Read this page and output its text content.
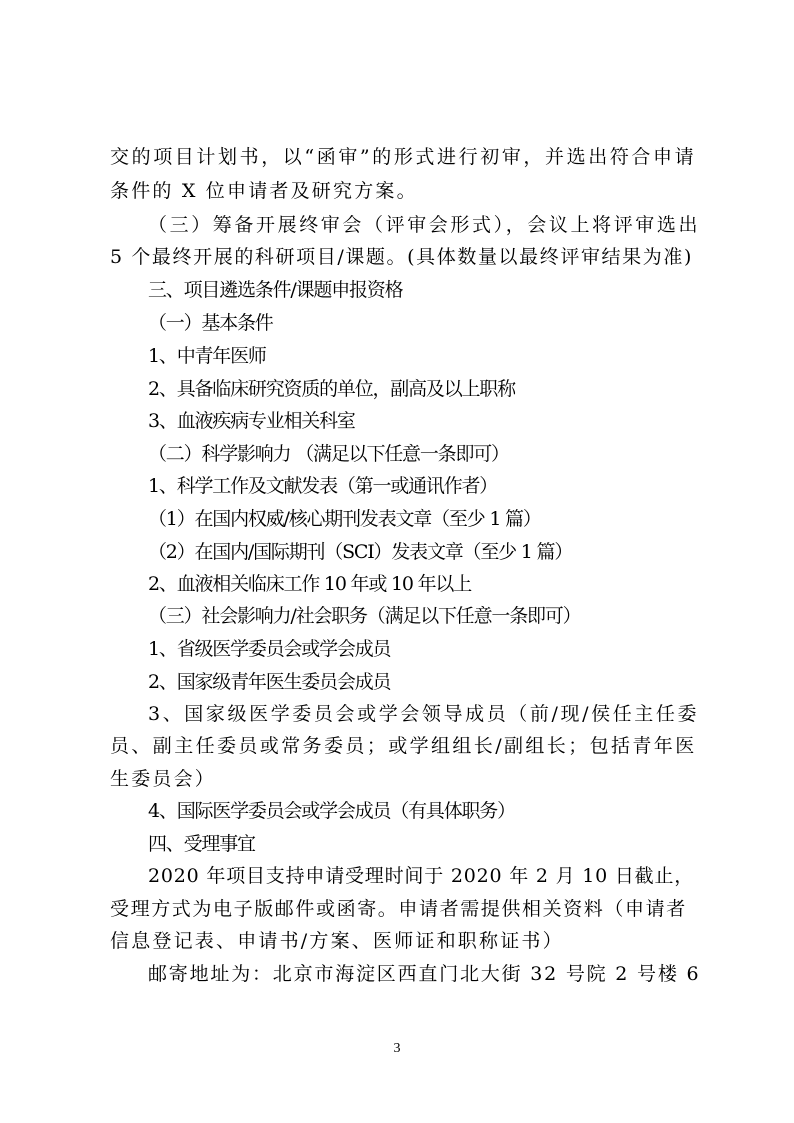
交的项目计划书，以“函审”的形式进行初审，并选出符合申请
条件的 X 位申请者及研究方案。
（三）筹备开展终审会（评审会形式），会议上将评审选出
5 个最终开展的科研项目/课题。(具体数量以最终评审结果为准)
三、项目遴选条件/课题申报资格
（一）基本条件
1、中青年医师
2、具备临床研究资质的单位，副高及以上职称
3、血液疾病专业相关科室
（二）科学影响力 （满足以下任意一条即可）
1、科学工作及文献发表（第一或通讯作者）
（1）在国内权威/核心期刊发表文章（至少 1 篇）
（2）在国内/国际期刊（SCI）发表文章（至少 1 篇）
2、血液相关临床工作 10 年或 10 年以上
（三）社会影响力/社会职务（满足以下任意一条即可）
1、省级医学委员会或学会成员
2、国家级青年医生委员会成员
3、国家级医学委员会或学会领导成员（前/现/侯任主任委
员、副主任委员或常务委员；或学组组长/副组长；包括青年医
生委员会）
4、国际医学委员会或学会成员（有具体职务）
四、受理事宜
2020 年项目支持申请受理时间于 2020 年 2 月 10 日截止，
受理方式为电子版邮件或函寄。申请者需提供相关资料（申请者
信息登记表、申请书/方案、医师证和职称证书）
邮寄地址为：北京市海淀区西直门北大街 32 号院 2 号楼 6
3
